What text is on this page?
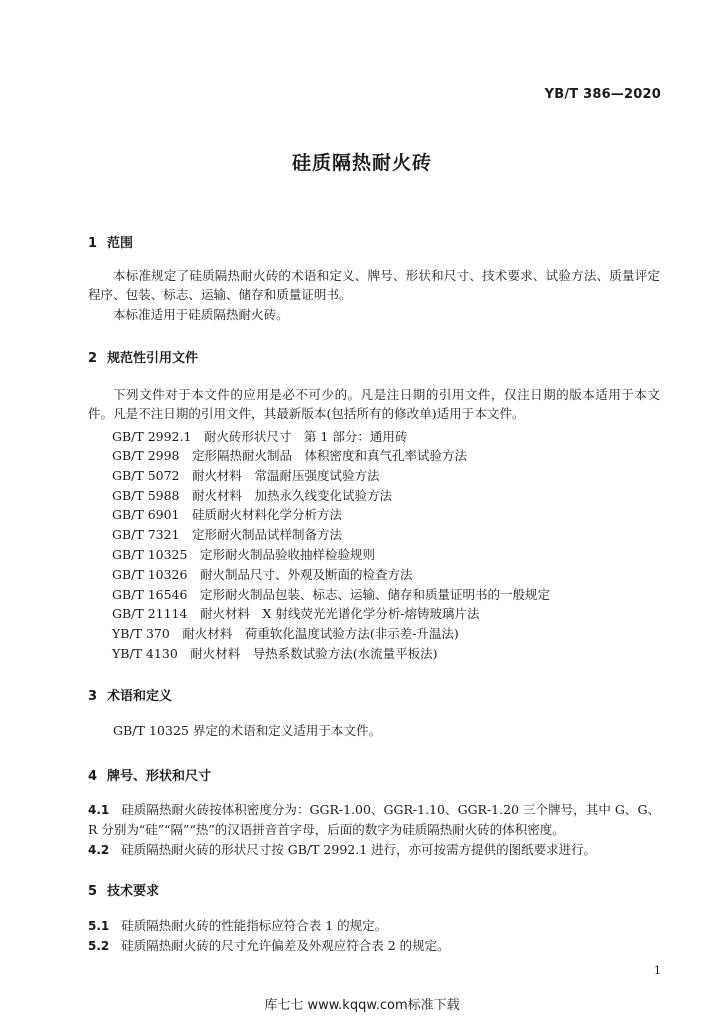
YB/T 386—2020
硅质隔热耐火砖
1 范围
本标准规定了硅质隔热耐火砖的术语和定义、牌号、形状和尺寸、技术要求、试验方法、质量评定程序、包装、标志、运输、储存和质量证明书。
本标准适用于硅质隔热耐火砖。
2 规范性引用文件
下列文件对于本文件的应用是必不可少的。凡是注日期的引用文件，仅注日期的版本适用于本文件。凡是不注日期的引用文件，其最新版本(包括所有的修改单)适用于本文件。
GB/T 2992.1　耐火砖形状尺寸　第 1 部分：通用砖
GB/T 2998　定形隔热耐火制品　体积密度和真气孔率试验方法
GB/T 5072　耐火材料　常温耐压强度试验方法
GB/T 5988　耐火材料　加热永久线变化试验方法
GB/T 6901　硅质耐火材料化学分析方法
GB/T 7321　定形耐火制品试样制备方法
GB/T 10325　定形耐火制品验收抽样检验规则
GB/T 10326　耐火制品尺寸、外观及断面的检查方法
GB/T 16546　定形耐火制品包装、标志、运输、储存和质量证明书的一般规定
GB/T 21114　耐火材料　X 射线荧光光谱化学分析-熔铸玻璃片法
YB/T 370　耐火材料　荷重软化温度试验方法(非示差-升温法)
YB/T 4130　耐火材料　导热系数试验方法(水流量平板法)
3 术语和定义
GB/T 10325 界定的术语和定义适用于本文件。
4 牌号、形状和尺寸
4.1 硅质隔热耐火砖按体积密度分为：GGR-1.00、GGR-1.10、GGR-1.20 三个牌号，其中 G、G、R 分别为“硅”“隔”“热”的汉语拼音首字母，后面的数字为硅质隔热耐火砖的体积密度。
4.2 硅质隔热耐火砖的形状尺寸按 GB/T 2992.1 进行，亦可按需方提供的图纸要求进行。
5 技术要求
5.1 硅质隔热耐火砖的性能指标应符合表 1 的规定。
5.2 硅质隔热耐火砖的尺寸允许偏差及外观应符合表 2 的规定。
1
库七七 www.kqqw.com标准下载
